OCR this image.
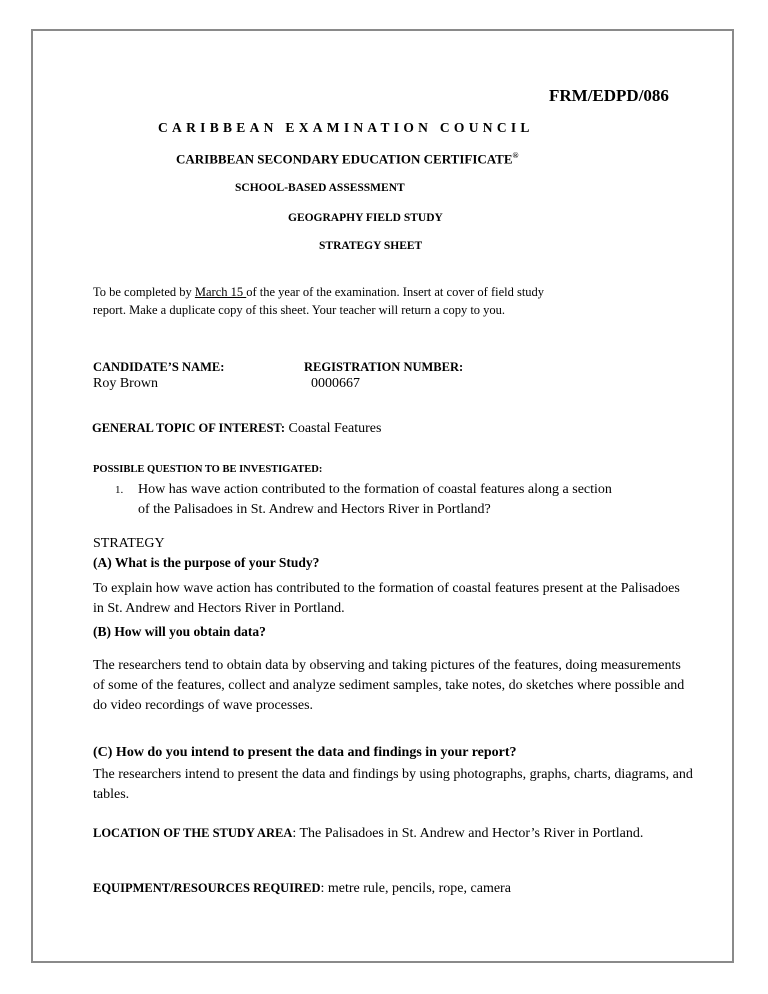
FRM/EDPD/086
CARIBBEAN EXAMINATION COUNCIL
CARIBBEAN SECONDARY EDUCATION CERTIFICATE®
SCHOOL-BASED ASSESSMENT
GEOGRAPHY FIELD STUDY
STRATEGY SHEET
To be completed by March 15 of the year of the examination. Insert at cover of field study report. Make a duplicate copy of this sheet. Your teacher will return a copy to you.
CANDIDATE’S NAME:
Roy Brown
REGISTRATION NUMBER:
0000667
GENERAL TOPIC OF INTEREST: Coastal Features
POSSIBLE QUESTION TO BE INVESTIGATED:
1. How has wave action contributed to the formation of coastal features along a section of the Palisadoes in St. Andrew and Hectors River in Portland?
STRATEGY
(A) What is the purpose of your Study?
To explain how wave action has contributed to the formation of coastal features present at the Palisadoes in St. Andrew and Hectors River in Portland.
(B) How will you obtain data?
The researchers tend to obtain data by observing and taking pictures of the features, doing measurements of some of the features, collect and analyze sediment samples, take notes, do sketches where possible and do video recordings of wave processes.
(C) How do you intend to present the data and findings in your report?
The researchers intend to present the data and findings by using photographs, graphs, charts, diagrams, and tables.
LOCATION OF THE STUDY AREA: The Palisadoes in St. Andrew and Hector’s River in Portland.
EQUIPMENT/RESOURCES REQUIRED: metre rule, pencils, rope, camera
